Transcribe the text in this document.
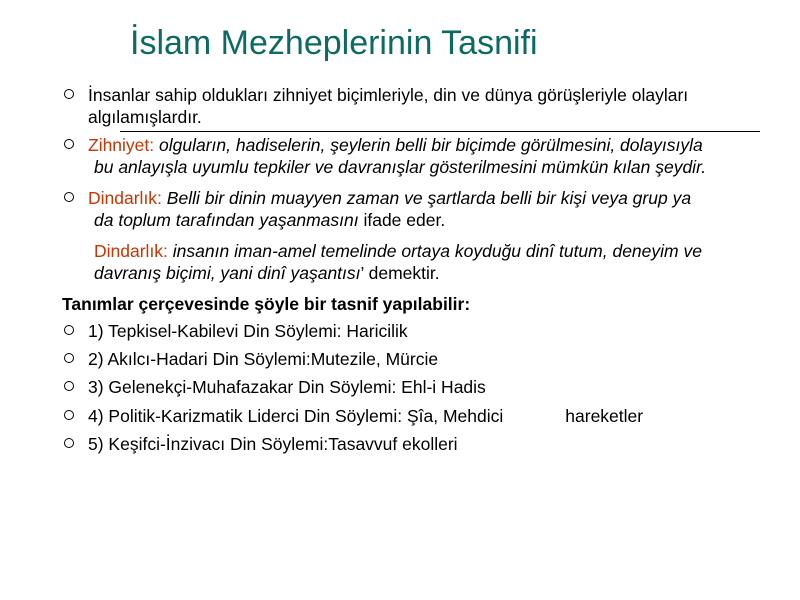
İslam Mezheplerinin Tasnifi
İnsanlar sahip oldukları zihniyet biçimleriyle, din ve dünya görüşleriyle olayları
algılamışlardır.
Zihniyet: olguların, hadiselerin, şeylerin belli bir biçimde görülmesini, dolayısıyla
bu anlayışla uyumlu tepkiler ve davranışlar gösterilmesini mümkün kılan şeydir.
Dindarlık: Belli bir dinin muayyen zaman ve şartlarda belli bir kişi veya grup ya
da toplum tarafından yaşanmasını ifade eder.
Dindarlık: insanın iman-amel temelinde ortaya koyduğu dinî tutum, deneyim ve
davranış biçimi, yani dinî yaşantısı’ demektir.
Tanımlar çerçevesinde şöyle bir tasnif yapılabilir:
1) Tepkisel-Kabilevi Din Söylemi: Haricilik
2) Akılcı-Hadari Din Söylemi:Mutezile, Mürcie
3) Gelenekçi-Muhafazakar Din Söylemi: Ehl-i Hadis
4) Politik-Karizmatik Liderci Din Söylemi: Şîa, Mehdici	hareketler
5) Keşifci-İnzivacı Din Söylemi:Tasavvuf ekolleri
